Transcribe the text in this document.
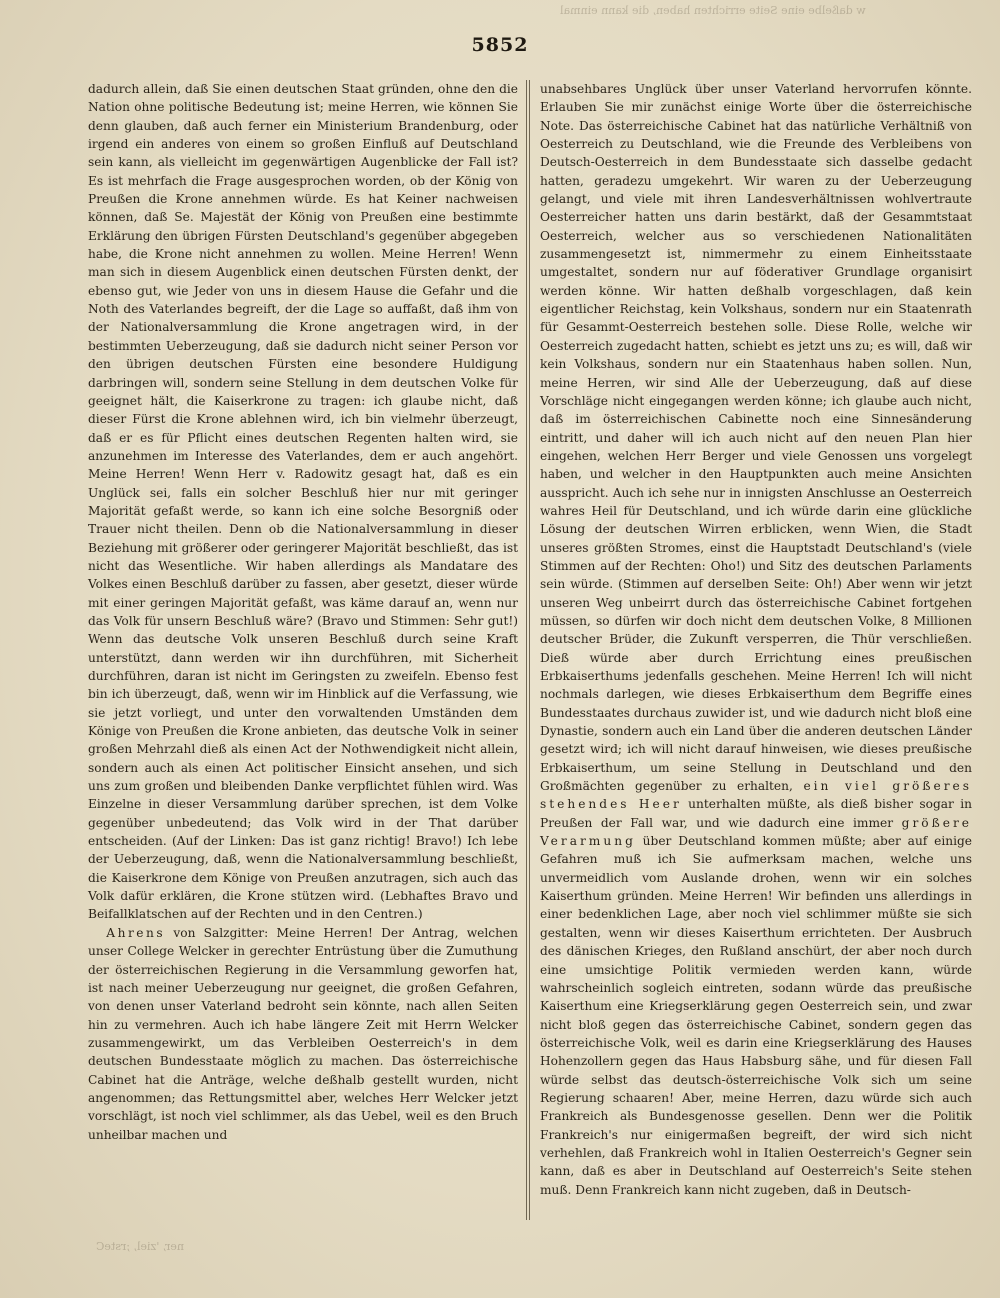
w daßelbe eine Seite errichten haben, die kann einmal
5852

dadurch allein, daß Sie einen deutschen Staat gründen, ohne den die Nation ohne politische Bedeutung ist; meine Herren, wie können Sie denn glauben, daß auch ferner ein Ministerium Brandenburg, oder irgend ein anderes von einem so großen Einfluß auf Deutschland sein kann, als vielleicht im gegenwärtigen Augenblicke der Fall ist? Es ist mehrfach die Frage ausgesprochen worden, ob der König von Preußen die Krone annehmen würde. Es hat Keiner nachweisen können, daß Se. Majestät der König von Preußen eine bestimmte Erklärung den übrigen Fürsten Deutschland's gegenüber abgegeben habe, die Krone nicht annehmen zu wollen. Meine Herren! Wenn man sich in diesem Augenblick einen deutschen Fürsten denkt, der ebenso gut, wie Jeder von uns in diesem Hause die Gefahr und die Noth des Vaterlandes begreift, der die Lage so auffaßt, daß ihm von der Nationalversammlung die Krone angetragen wird, in der bestimmten Ueberzeugung, daß sie dadurch nicht seiner Person vor den übrigen deutschen Fürsten eine besondere Huldigung darbringen will, sondern seine Stellung in dem deutschen Volke für geeignet hält, die Kaiserkrone zu tragen: ich glaube nicht, daß dieser Fürst die Krone ablehnen wird, ich bin vielmehr überzeugt, daß er es für Pflicht eines deutschen Regenten halten wird, sie anzunehmen im Interesse des Vaterlandes, dem er auch angehört. Meine Herren! Wenn Herr v. Radowitz gesagt hat, daß es ein Unglück sei, falls ein solcher Beschluß hier nur mit geringer Majorität gefaßt werde, so kann ich eine solche Besorgniß oder Trauer nicht theilen. Denn ob die Nationalversammlung in dieser Beziehung mit größerer oder geringerer Majorität beschließt, das ist nicht das Wesentliche. Wir haben allerdings als Mandatare des Volkes einen Beschluß darüber zu fassen, aber gesetzt, dieser würde mit einer geringen Majorität gefaßt, was käme darauf an, wenn nur das Volk für unsern Beschluß wäre? (Bravo und Stimmen: Sehr gut!) Wenn das deutsche Volk unseren Beschluß durch seine Kraft unterstützt, dann werden wir ihn durchführen, mit Sicherheit durchführen, daran ist nicht im Geringsten zu zweifeln. Ebenso fest bin ich überzeugt, daß, wenn wir im Hinblick auf die Verfassung, wie sie jetzt vorliegt, und unter den vorwaltenden Umständen dem Könige von Preußen die Krone anbieten, das deutsche Volk in seiner großen Mehrzahl dieß als einen Act der Nothwendigkeit nicht allein, sondern auch als einen Act politischer Einsicht ansehen, und sich uns zum großen und bleibenden Danke verpflichtet fühlen wird. Was Einzelne in dieser Versammlung darüber sprechen, ist dem Volke gegenüber unbedeutend; das Volk wird in der That darüber entscheiden. (Auf der Linken: Das ist ganz richtig! Bravo!) Ich lebe der Ueberzeugung, daß, wenn die Nationalversammlung beschließt, die Kaiserkrone dem Könige von Preußen anzutragen, sich auch das Volk dafür erklären, die Krone stützen wird. (Lebhaftes Bravo und Beifallklatschen auf der Rechten und in den Centren.)

Ahrens von Salzgitter: Meine Herren! Der Antrag, welchen unser College Welcker in gerechter Entrüstung über die Zumuthung der österreichischen Regierung in die Versammlung geworfen hat, ist nach meiner Ueberzeugung nur geeignet, die großen Gefahren, von denen unser Vaterland bedroht sein könnte, nach allen Seiten hin zu vermehren. Auch ich habe längere Zeit mit Herrn Welcker zusammengewirkt, um das Verbleiben Oesterreich's in dem deutschen Bundesstaate möglich zu machen. Das österreichische Cabinet hat die Anträge, welche deßhalb gestellt wurden, nicht angenommen; das Rettungsmittel aber, welches Herr Welcker jetzt vorschlägt, ist noch viel schlimmer, als das Uebel, weil es den Bruch unheilbar machen und

unabsehbares Unglück über unser Vaterland hervorrufen könnte. Erlauben Sie mir zunächst einige Worte über die österreichische Note. Das österreichische Cabinet hat das natürliche Verhältniß von Oesterreich zu Deutschland, wie die Freunde des Verbleibens von Deutsch-Oesterreich in dem Bundesstaate sich dasselbe gedacht hatten, geradezu umgekehrt. Wir waren zu der Ueberzeugung gelangt, und viele mit ihren Landesverhältnissen wohlvertraute Oesterreicher hatten uns darin bestärkt, daß der Gesammtstaat Oesterreich, welcher aus so verschiedenen Nationalitäten zusammengesetzt ist, nimmermehr zu einem Einheitsstaate umgestaltet, sondern nur auf föderativer Grundlage organisirt werden könne. Wir hatten deßhalb vorgeschlagen, daß kein eigentlicher Reichstag, kein Volkshaus, sondern nur ein Staatenrath für Gesammt-Oesterreich bestehen solle. Diese Rolle, welche wir Oesterreich zugedacht hatten, schiebt es jetzt uns zu; es will, daß wir kein Volkshaus, sondern nur ein Staatenhaus haben sollen. Nun, meine Herren, wir sind Alle der Ueberzeugung, daß auf diese Vorschläge nicht eingegangen werden könne; ich glaube auch nicht, daß im österreichischen Cabinette noch eine Sinnesänderung eintritt, und daher will ich auch nicht auf den neuen Plan hier eingehen, welchen Herr Berger und viele Genossen uns vorgelegt haben, und welcher in den Hauptpunkten auch meine Ansichten ausspricht. Auch ich sehe nur in innigsten Anschlusse an Oesterreich wahres Heil für Deutschland, und ich würde darin eine glückliche Lösung der deutschen Wirren erblicken, wenn Wien, die Stadt unseres größten Stromes, einst die Hauptstadt Deutschland's (viele Stimmen auf der Rechten: Oho!) und Sitz des deutschen Parlaments sein würde. (Stimmen auf derselben Seite: Oh!) Aber wenn wir jetzt unseren Weg unbeirrt durch das österreichische Cabinet fortgehen müssen, so dürfen wir doch nicht dem deutschen Volke, 8 Millionen deutscher Brüder, die Zukunft versperren, die Thür verschließen. Dieß würde aber durch Errichtung eines preußischen Erbkaiserthums jedenfalls geschehen. Meine Herren! Ich will nicht nochmals darlegen, wie dieses Erbkaiserthum dem Begriffe eines Bundesstaates durchaus zuwider ist, und wie dadurch nicht bloß eine Dynastie, sondern auch ein Land über die anderen deutschen Länder gesetzt wird; ich will nicht darauf hinweisen, wie dieses preußische Erbkaiserthum, um seine Stellung in Deutschland und den Großmächten gegenüber zu erhalten, ein viel größeres stehendes Heer unterhalten müßte, als dieß bisher sogar in Preußen der Fall war, und wie dadurch eine immer größere Verarmung über Deutschland kommen müßte; aber auf einige Gefahren muß ich Sie aufmerksam machen, welche uns unvermeidlich vom Auslande drohen, wenn wir ein solches Kaiserthum gründen. Meine Herren! Wir befinden uns allerdings in einer bedenklichen Lage, aber noch viel schlimmer müßte sie sich gestalten, wenn wir dieses Kaiserthum errichteten. Der Ausbruch des dänischen Krieges, den Rußland anschürt, der aber noch durch eine umsichtige Politik vermieden werden kann, würde wahrscheinlich sogleich eintreten, sodann würde das preußische Kaiserthum eine Kriegserklärung gegen Oesterreich sein, und zwar nicht bloß gegen das österreichische Cabinet, sondern gegen das österreichische Volk, weil es darin eine Kriegserklärung des Hauses Hohenzollern gegen das Haus Habsburg sähe, und für diesen Fall würde selbst das deutsch-österreichische Volk sich um seine Regierung schaaren! Aber, meine Herren, dazu würde sich auch Frankreich als Bundesgenosse gesellen. Denn wer die Politik Frankreich's nur einigermaßen begreift, der wird sich nicht verhehlen, daß Frankreich wohl in Italien Oesterreich's Gegner sein kann, daß es aber in Deutschland auf Oesterreich's Seite stehen muß. Denn Frankreich kann nicht zugeben, daß in Deutsch-

ner, 'ziel, ;rsteC
